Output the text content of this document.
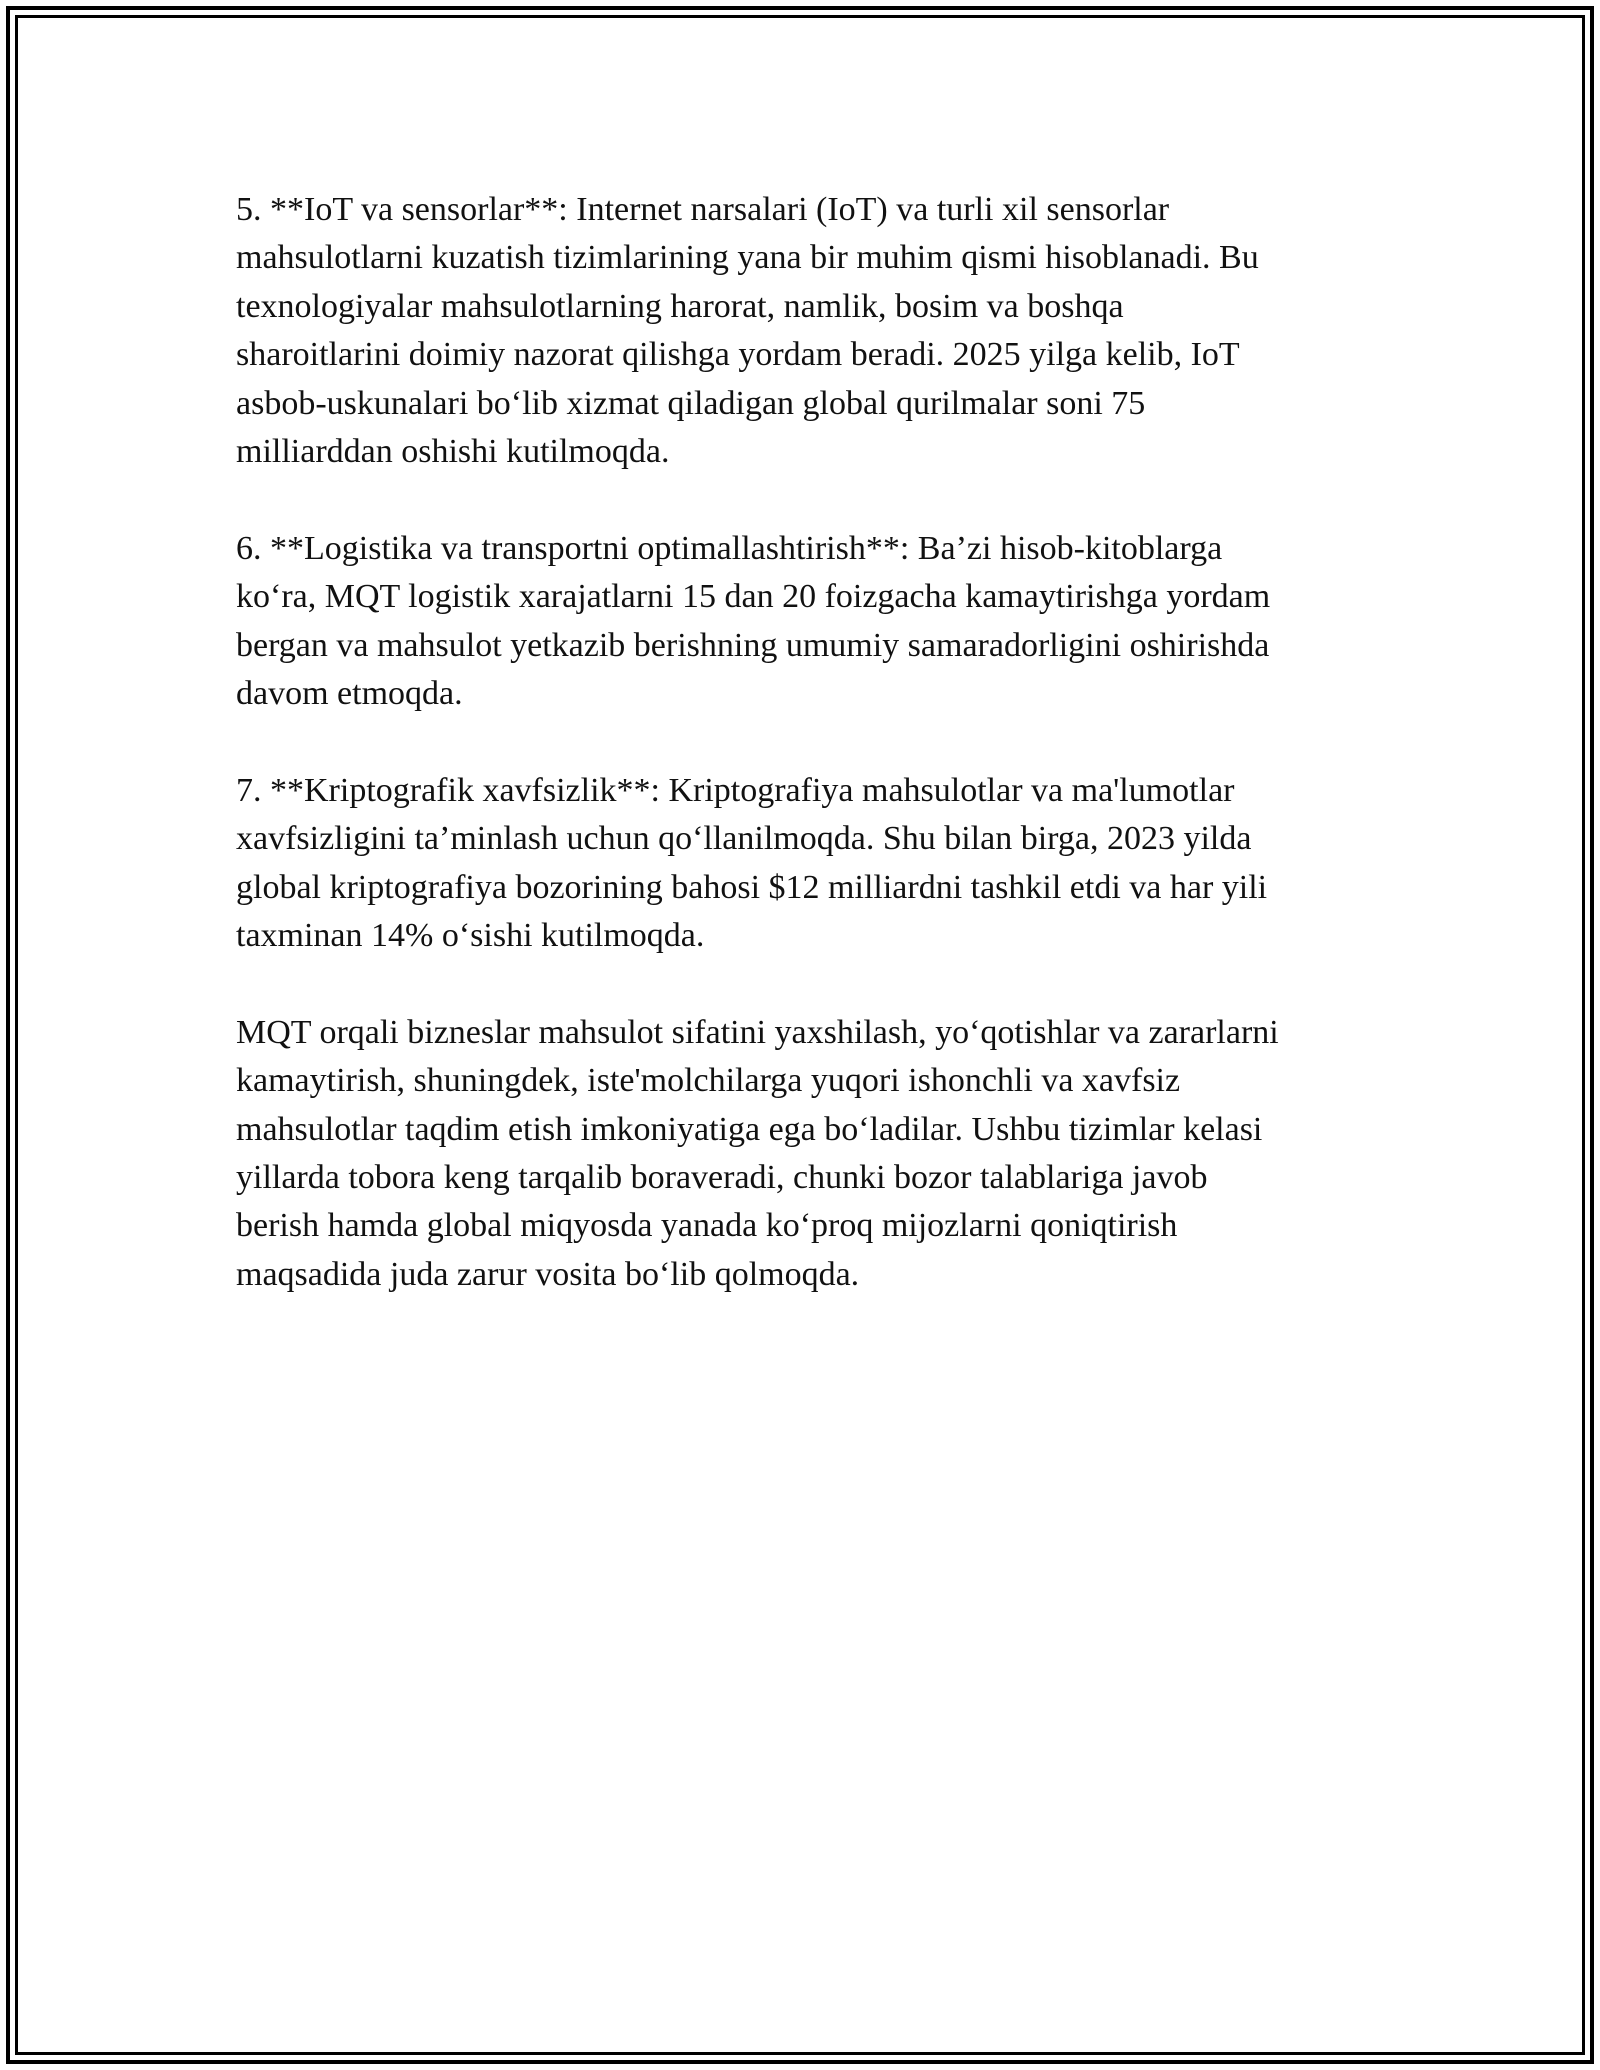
5. **IoT va sensorlar**: Internet narsalari (IoT) va turli xil sensorlar
mahsulotlarni kuzatish tizimlarining yana bir muhim qismi hisoblanadi. Bu
texnologiyalar mahsulotlarning harorat, namlik, bosim va boshqa
sharoitlarini doimiy nazorat qilishga yordam beradi. 2025 yilga kelib, IoT
asbob-uskunalari bo‘lib xizmat qiladigan global qurilmalar soni 75
milliarddan oshishi kutilmoqda.

6. **Logistika va transportni optimallashtirish**: Ba’zi hisob-kitoblarga
ko‘ra, MQT logistik xarajatlarni 15 dan 20 foizgacha kamaytirishga yordam
bergan va mahsulot yetkazib berishning umumiy samaradorligini oshirishda
davom etmoqda.

7. **Kriptografik xavfsizlik**: Kriptografiya mahsulotlar va ma'lumotlar
xavfsizligini ta’minlash uchun qo‘llanilmoqda. Shu bilan birga, 2023 yilda
global kriptografiya bozorining bahosi $12 milliardni tashkil etdi va har yili
taxminan 14% o‘sishi kutilmoqda.

MQT orqali bizneslar mahsulot sifatini yaxshilash, yo‘qotishlar va zararlarni
kamaytirish, shuningdek, iste'molchilarga yuqori ishonchli va xavfsiz
mahsulotlar taqdim etish imkoniyatiga ega bo‘ladilar. Ushbu tizimlar kelasi
yillarda tobora keng tarqalib boraveradi, chunki bozor talablariga javob
berish hamda global miqyosda yanada ko‘proq mijozlarni qoniqtirish
maqsadida juda zarur vosita bo‘lib qolmoqda.
